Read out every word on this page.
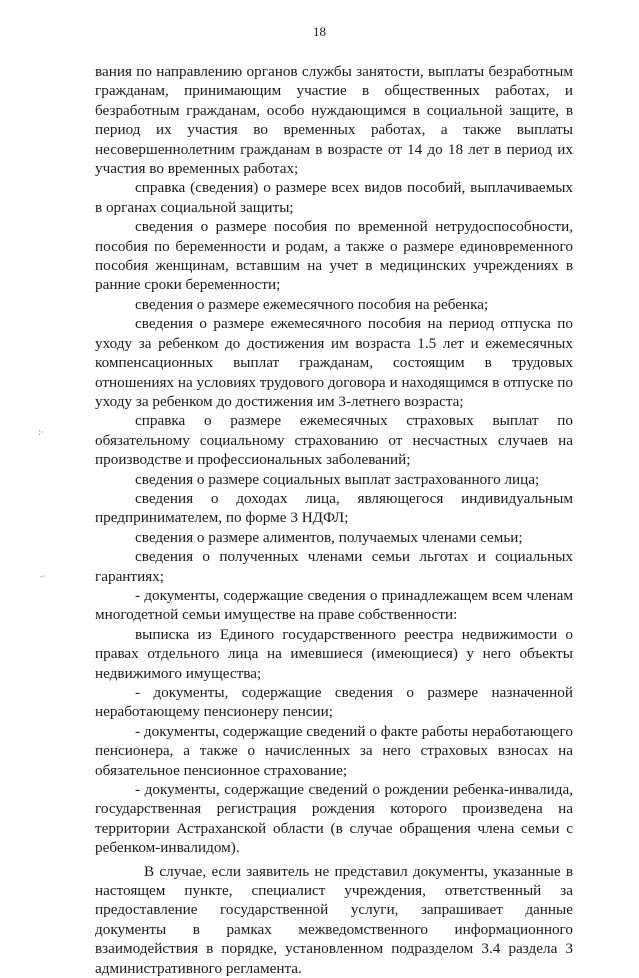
18

вания по направлению органов службы занятости, выплаты безработным гражданам, принимающим участие в общественных работах, и безработным гражданам, особо нуждающимся в социальной защите, в период их участия во временных работах, а также выплаты несовершеннолетним гражданам в возрасте от 14 до 18 лет в период их участия во временных работах;

справка (сведения) о размере всех видов пособий, выплачиваемых в органах социальной защиты;

сведения о размере пособия по временной нетрудоспособности, пособия по беременности и родам, а также о размере единовременного пособия женщинам, вставшим на учет в медицинских учреждениях в ранние сроки беременности;

сведения о размере ежемесячного пособия на ребенка;

сведения о размере ежемесячного пособия на период отпуска по уходу за ребенком до достижения им возраста 1.5 лет и ежемесячных компенсационных выплат гражданам, состоящим в трудовых отношениях на условиях трудового договора и находящимся в отпуске по уходу за ребенком до достижения им 3-летнего возраста;

справка о размере ежемесячных страховых выплат по обязательному социальному страхованию от несчастных случаев на производстве и профессиональных заболеваний;

сведения о размере социальных выплат застрахованного лица;

сведения о доходах лица, являющегося индивидуальным предпринимателем, по форме 3 НДФЛ;

сведения о размере алиментов, получаемых членами семьи;

сведения о полученных членами семьи льготах и социальных гарантиях;

- документы, содержащие сведения о принадлежащем всем членам многодетной семьи имуществе на праве собственности:

выписка из Единого государственного реестра недвижимости о правах отдельного лица на имевшиеся (имеющиеся) у него объекты недвижимого имущества;

- документы, содержащие сведения о размере назначенной неработающему пенсионеру пенсии;

- документы, содержащие сведений о факте работы неработающего пенсионера, а также о начисленных за него страховых взносах на обязательное пенсионное страхование;

- документы, содержащие сведений о рождении ребенка-инвалида, государственная регистрация рождения которого произведена на территории Астраханской области (в случае обращения члена семьи с ребенком-инвалидом).

В случае, если заявитель не представил документы, указанные в настоящем пункте, специалист учреждения, ответственный за предоставление государственной услуги, запрашивает данные документы в рамках межведомственного информационного взаимодействия в порядке, установленном подразделом 3.4 раздела 3 административного регламента.

:·
-·
